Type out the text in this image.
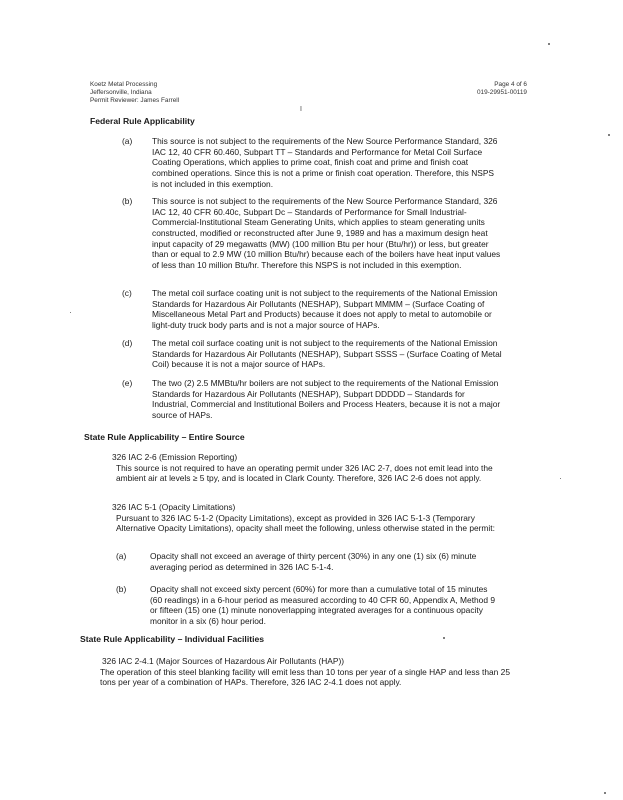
Koetz Metal Processing
Jeffersonville, Indiana
Permit Reviewer: James Farrell
Page 4 of 6
019-29951-00119
I
Federal Rule Applicability
(a)	This source is not subject to the requirements of the New Source Performance Standard, 326 IAC 12, 40 CFR 60.460, Subpart TT – Standards and Performance for Metal Coil Surface Coating Operations, which applies to prime coat, finish coat and prime and finish coat combined operations. Since this is not a prime or finish coat operation. Therefore, this NSPS is not included in this exemption.
(b)	This source is not subject to the requirements of the New Source Performance Standard, 326 IAC 12, 40 CFR 60.40c, Subpart Dc – Standards of Performance for Small Industrial-Commercial-Institutional Steam Generating Units, which applies to steam generating units constructed, modified or reconstructed after June 9, 1989 and has a maximum design heat input capacity of 29 megawatts (MW) (100 million Btu per hour (Btu/hr)) or less, but greater than or equal to 2.9 MW (10 million Btu/hr) because each of the boilers have heat input values of less than 10 million Btu/hr. Therefore this NSPS is not included in this exemption.
(c)	The metal coil surface coating unit is not subject to the requirements of the National Emission Standards for Hazardous Air Pollutants (NESHAP), Subpart MMMM – (Surface Coating of Miscellaneous Metal Part and Products) because it does not apply to metal to automobile or light-duty truck body parts and is not a major source of HAPs.
(d)	The metal coil surface coating unit is not subject to the requirements of the National Emission Standards for Hazardous Air Pollutants (NESHAP), Subpart SSSS – (Surface Coating of Metal Coil) because it is not a major source of HAPs.
(e)	The two (2) 2.5 MMBtu/hr boilers are not subject to the requirements of the National Emission Standards for Hazardous Air Pollutants (NESHAP), Subpart DDDDD – Standards for Industrial, Commercial and Institutional Boilers and Process Heaters, because it is not a major source of HAPs.
State Rule Applicability – Entire Source
326 IAC 2-6 (Emission Reporting)
This source is not required to have an operating permit under 326 IAC 2-7, does not emit lead into the ambient air at levels ≥ 5 tpy, and is located in Clark County. Therefore, 326 IAC 2-6 does not apply.
326 IAC 5-1 (Opacity Limitations)
Pursuant to 326 IAC 5-1-2 (Opacity Limitations), except as provided in 326 IAC 5-1-3 (Temporary Alternative Opacity Limitations), opacity shall meet the following, unless otherwise stated in the permit:
(a)	Opacity shall not exceed an average of thirty percent (30%) in any one (1) six (6) minute averaging period as determined in 326 IAC 5-1-4.
(b)	Opacity shall not exceed sixty percent (60%) for more than a cumulative total of 15 minutes (60 readings) in a 6-hour period as measured according to 40 CFR 60, Appendix A, Method 9 or fifteen (15) one (1) minute nonoverlapping integrated averages for a continuous opacity monitor in a six (6) hour period.
State Rule Applicability – Individual Facilities
326 IAC 2-4.1 (Major Sources of Hazardous Air Pollutants (HAP))
The operation of this steel blanking facility will emit less than 10 tons per year of a single HAP and less than 25 tons per year of a combination of HAPs. Therefore, 326 IAC 2-4.1 does not apply.
